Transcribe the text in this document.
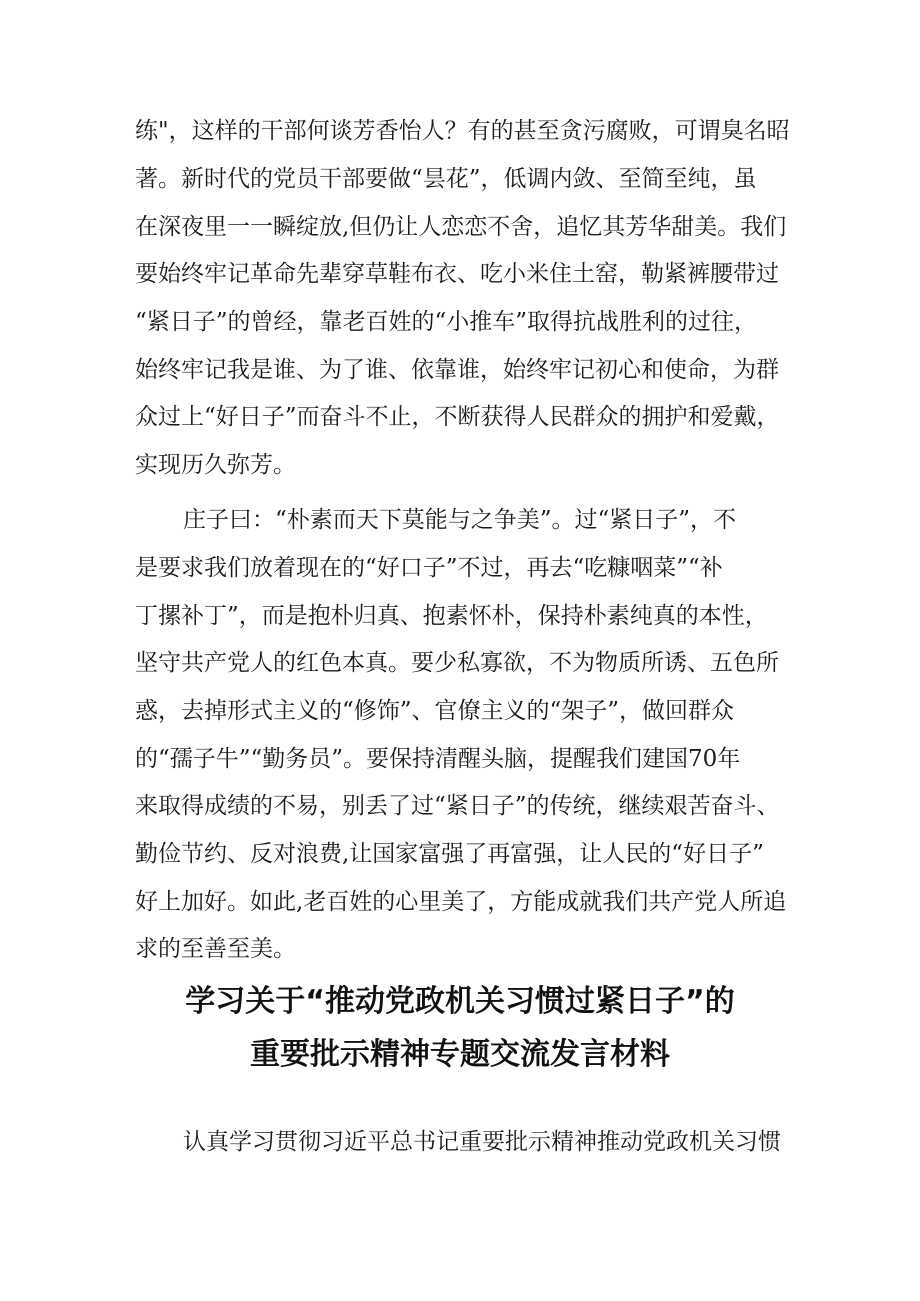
练"，这样的干部何谈芳香怡人？有的甚至贪污腐败，可谓臭名昭

著。新时代的党员干部要做“昙花”，低调内敛、至简至纯，虽

在深夜里一一瞬绽放,但仍让人恋恋不舍，追忆其芳华甜美。我们

要始终牢记革命先辈穿草鞋布衣、吃小米住土窑，勒紧裤腰带过

“紧日子”的曾经，靠老百姓的“小推车”取得抗战胜利的过往，

始终牢记我是谁、为了谁、依靠谁，始终牢记初心和使命，为群

众过上“好日子”而奋斗不止，不断获得人民群众的拥护和爱戴，

实现历久弥芳。

庄子曰：“朴素而天下莫能与之争美”。过“紧日子”，不

是要求我们放着现在的“好口子”不过，再去“吃糠咽菜”“补

丁摞补丁”，而是抱朴归真、抱素怀朴，保持朴素纯真的本性，

坚守共产党人的红色本真。要少私寡欲，不为物质所诱、五色所

惑，去掉形式主义的“修饰”、官僚主义的“架子”，做回群众

的“孺子牛”“勤务员”。要保持清醒头脑，提醒我们建国70年

来取得成绩的不易，别丢了过“紧日子”的传统，继续艰苦奋斗、

勤俭节约、反对浪费,让国家富强了再富强，让人民的“好日子”

好上加好。如此,老百姓的心里美了，方能成就我们共产党人所追

求的至善至美。

学习关于“推动党政机关习惯过紧日子”的
重要批示精神专题交流发言材料

认真学习贯彻习近平总书记重要批示精神推动党政机关习惯
